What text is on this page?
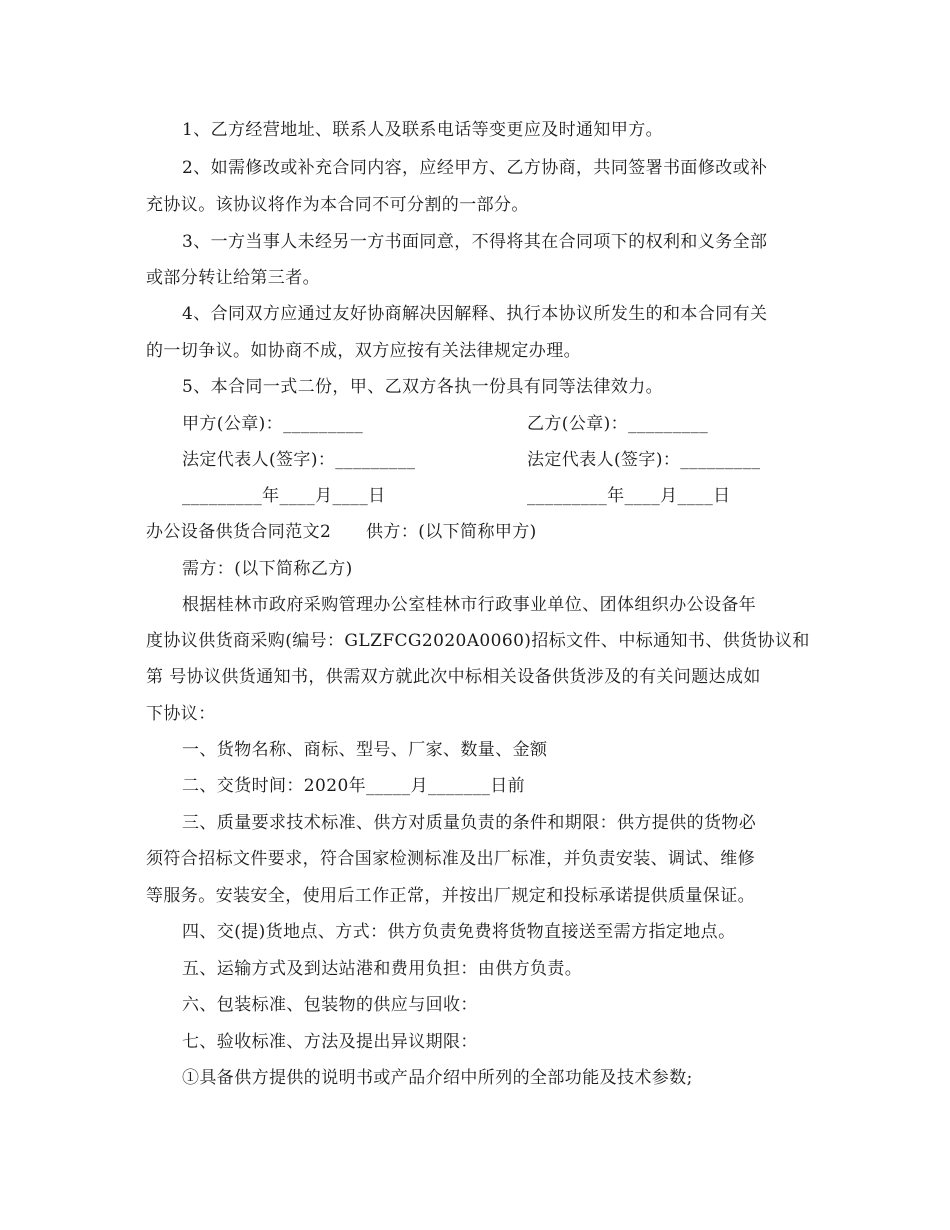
1、乙方经营地址、联系人及联系电话等变更应及时通知甲方。
2、如需修改或补充合同内容，应经甲方、乙方协商，共同签署书面修改或补
充协议。该协议将作为本合同不可分割的一部分。
3、一方当事人未经另一方书面同意，不得将其在合同项下的权利和义务全部
或部分转让给第三者。
4、合同双方应通过友好协商解决因解释、执行本协议所发生的和本合同有关
的一切争议。如协商不成，双方应按有关法律规定办理。
5、本合同一式二份，甲、乙双方各执一份具有同等法律效力。
甲方(公章)：_________	乙方(公章)：_________
法定代表人(签字)：_________	法定代表人(签字)：_________
_________年____月____日	_________年____月____日
办公设备供货合同范文2　　供方：(以下简称甲方)
需方：(以下简称乙方)
根据桂林市政府采购管理办公室桂林市行政事业单位、团体组织办公设备年
度协议供货商采购(编号：GLZFCG2020A0060)招标文件、中标通知书、供货协议和
第 号协议供货通知书，供需双方就此次中标相关设备供货涉及的有关问题达成如
下协议：
一、货物名称、商标、型号、厂家、数量、金额
二、交货时间：2020年_____月_______日前
三、质量要求技术标准、供方对质量负责的条件和期限：供方提供的货物必
须符合招标文件要求，符合国家检测标准及出厂标准，并负责安装、调试、维修
等服务。安装安全，使用后工作正常，并按出厂规定和投标承诺提供质量保证。
四、交(提)货地点、方式：供方负责免费将货物直接送至需方指定地点。
五、运输方式及到达站港和费用负担：由供方负责。
六、包装标准、包装物的供应与回收：
七、验收标准、方法及提出异议期限：
①具备供方提供的说明书或产品介绍中所列的全部功能及技术参数;
